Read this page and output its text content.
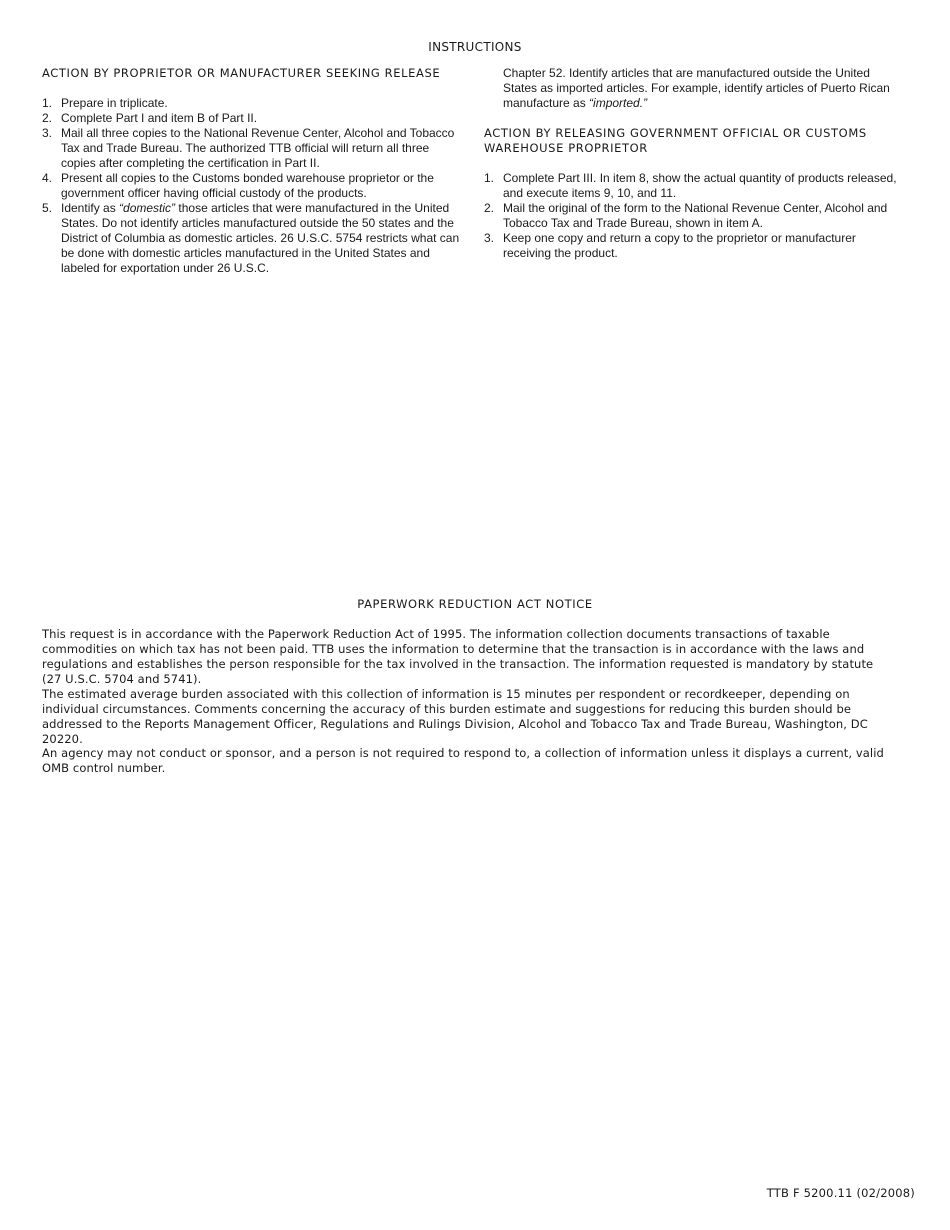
INSTRUCTIONS
ACTION BY PROPRIETOR OR MANUFACTURER SEEKING RELEASE
1. Prepare in triplicate.
2. Complete Part I and item B of Part II.
3. Mail all three copies to the National Revenue Center, Alcohol and Tobacco Tax and Trade Bureau. The authorized TTB official will return all three copies after completing the certification in Part II.
4. Present all copies to the Customs bonded warehouse proprietor or the government officer having official custody of the products.
5. Identify as “domestic” those articles that were manufactured in the United States. Do not identify articles manufactured outside the 50 states and the District of Columbia as domestic articles. 26 U.S.C. 5754 restricts what can be done with domestic articles manufactured in the United States and labeled for exportation under 26 U.S.C.
Chapter 52. Identify articles that are manufactured outside the United States as imported articles. For example, identify articles of Puerto Rican manufacture as “imported.”
ACTION BY RELEASING GOVERNMENT OFFICIAL OR CUSTOMS WAREHOUSE PROPRIETOR
1. Complete Part III. In item 8, show the actual quantity of products released, and execute items 9, 10, and 11.
2. Mail the original of the form to the National Revenue Center, Alcohol and Tobacco Tax and Trade Bureau, shown in item A.
3. Keep one copy and return a copy to the proprietor or manufacturer receiving the product.
PAPERWORK REDUCTION ACT NOTICE

This request is in accordance with the Paperwork Reduction Act of 1995. The information collection documents transactions of taxable commodities on which tax has not been paid. TTB uses the information to determine that the transaction is in accordance with the laws and regulations and establishes the person responsible for the tax involved in the transaction. The information requested is mandatory by statute (27 U.S.C. 5704 and 5741).

The estimated average burden associated with this collection of information is 15 minutes per respondent or recordkeeper, depending on individual circumstances. Comments concerning the accuracy of this burden estimate and suggestions for reducing this burden should be addressed to the Reports Management Officer, Regulations and Rulings Division, Alcohol and Tobacco Tax and Trade Bureau, Washington, DC 20220.

An agency may not conduct or sponsor, and a person is not required to respond to, a collection of information unless it displays a current, valid OMB control number.

TTB F 5200.11 (02/2008)
